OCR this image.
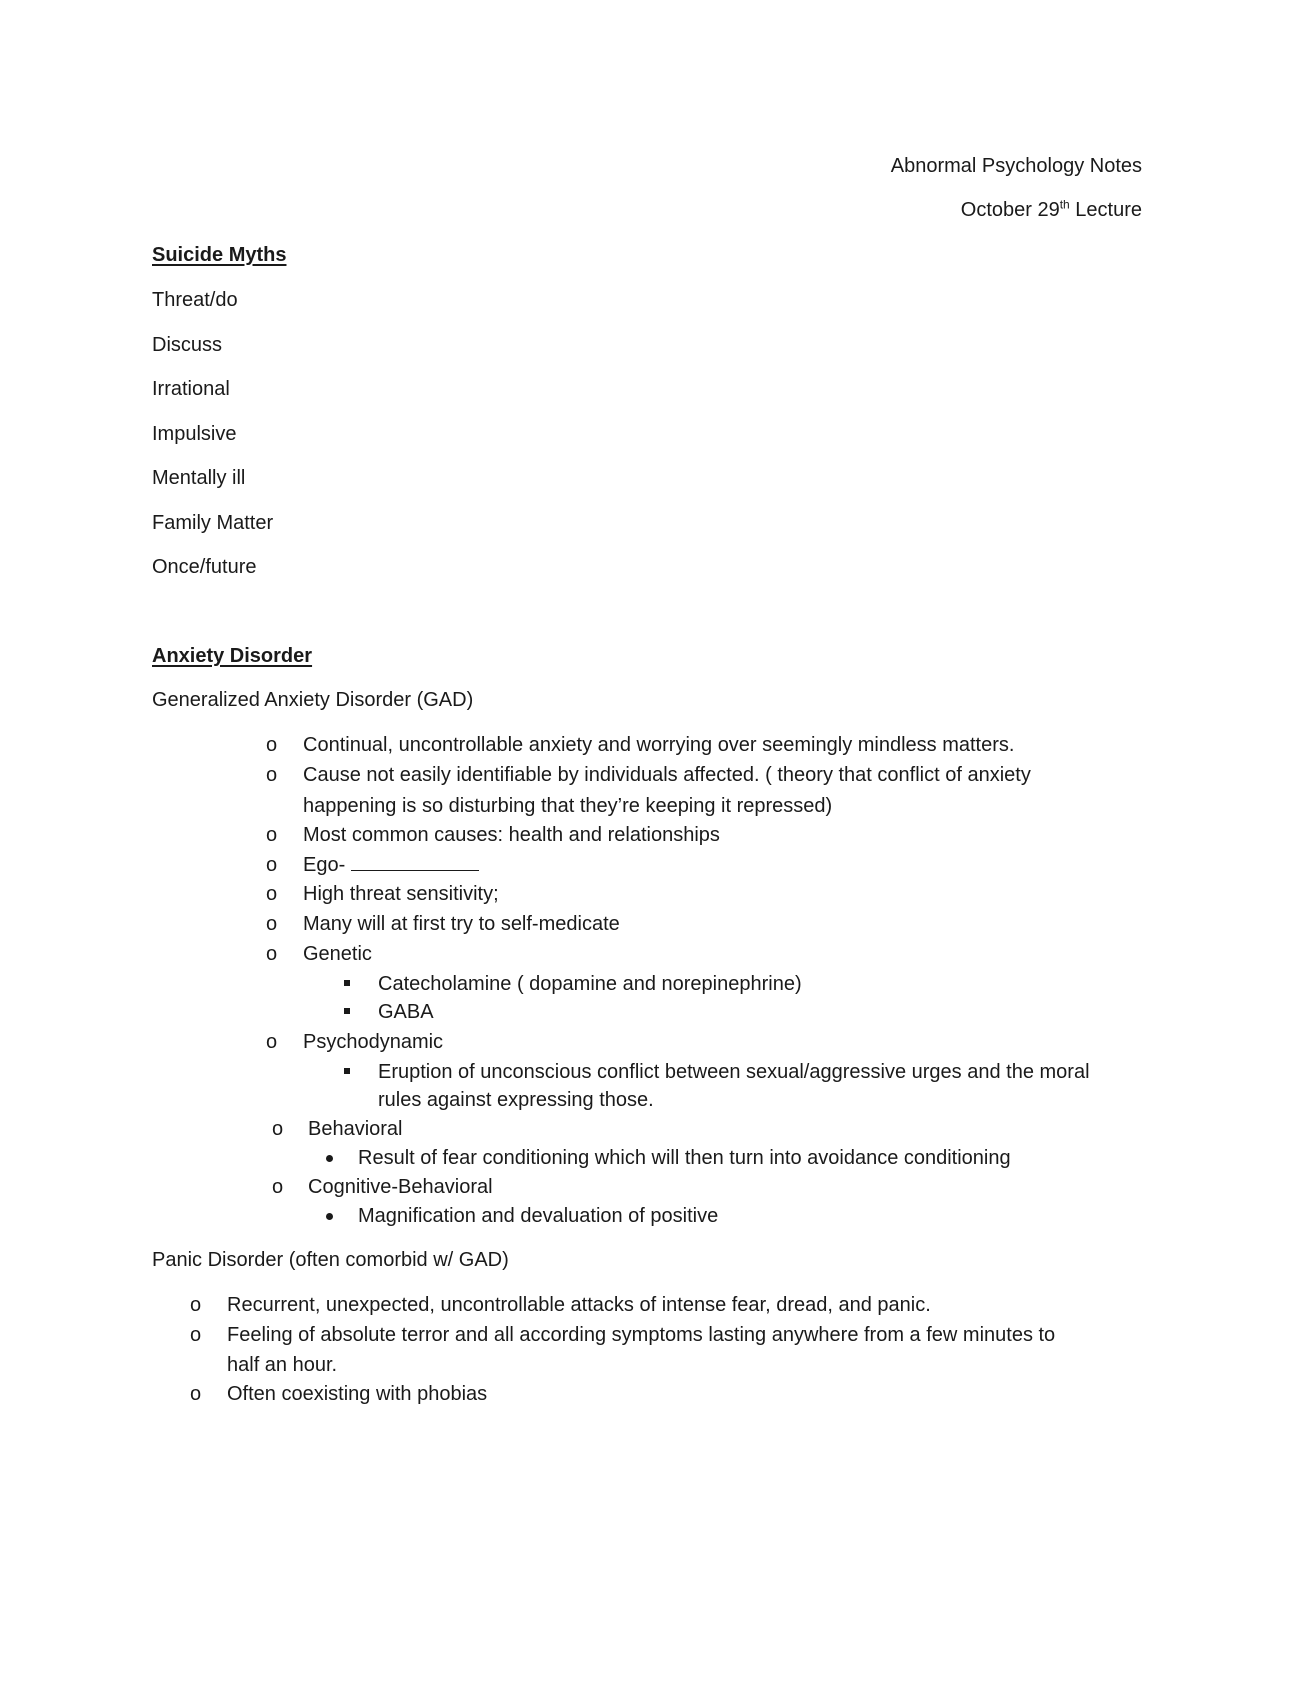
Abnormal Psychology Notes
October 29th Lecture
Suicide Myths
Threat/do
Discuss
Irrational
Impulsive
Mentally ill
Family Matter
Once/future
Anxiety Disorder
Generalized Anxiety Disorder (GAD)
o Continual, uncontrollable anxiety and worrying over seemingly mindless matters.
o Cause not easily identifiable by individuals affected. ( theory that conflict of anxiety
happening is so disturbing that they’re keeping it repressed)
o Most common causes: health and relationships
o Ego-
o High threat sensitivity;
o Many will at first try to self-medicate
o Genetic
Catecholamine ( dopamine and norepinephrine)
GABA
o Psychodynamic
Eruption of unconscious conflict between sexual/aggressive urges and the moral
rules against expressing those.
o Behavioral
Result of fear conditioning which will then turn into avoidance conditioning
o Cognitive-Behavioral
Magnification and devaluation of positive
Panic Disorder (often comorbid w/ GAD)
o Recurrent, unexpected, uncontrollable attacks of intense fear, dread, and panic.
o Feeling of absolute terror and all according symptoms lasting anywhere from a few minutes to
half an hour.
o Often coexisting with phobias
